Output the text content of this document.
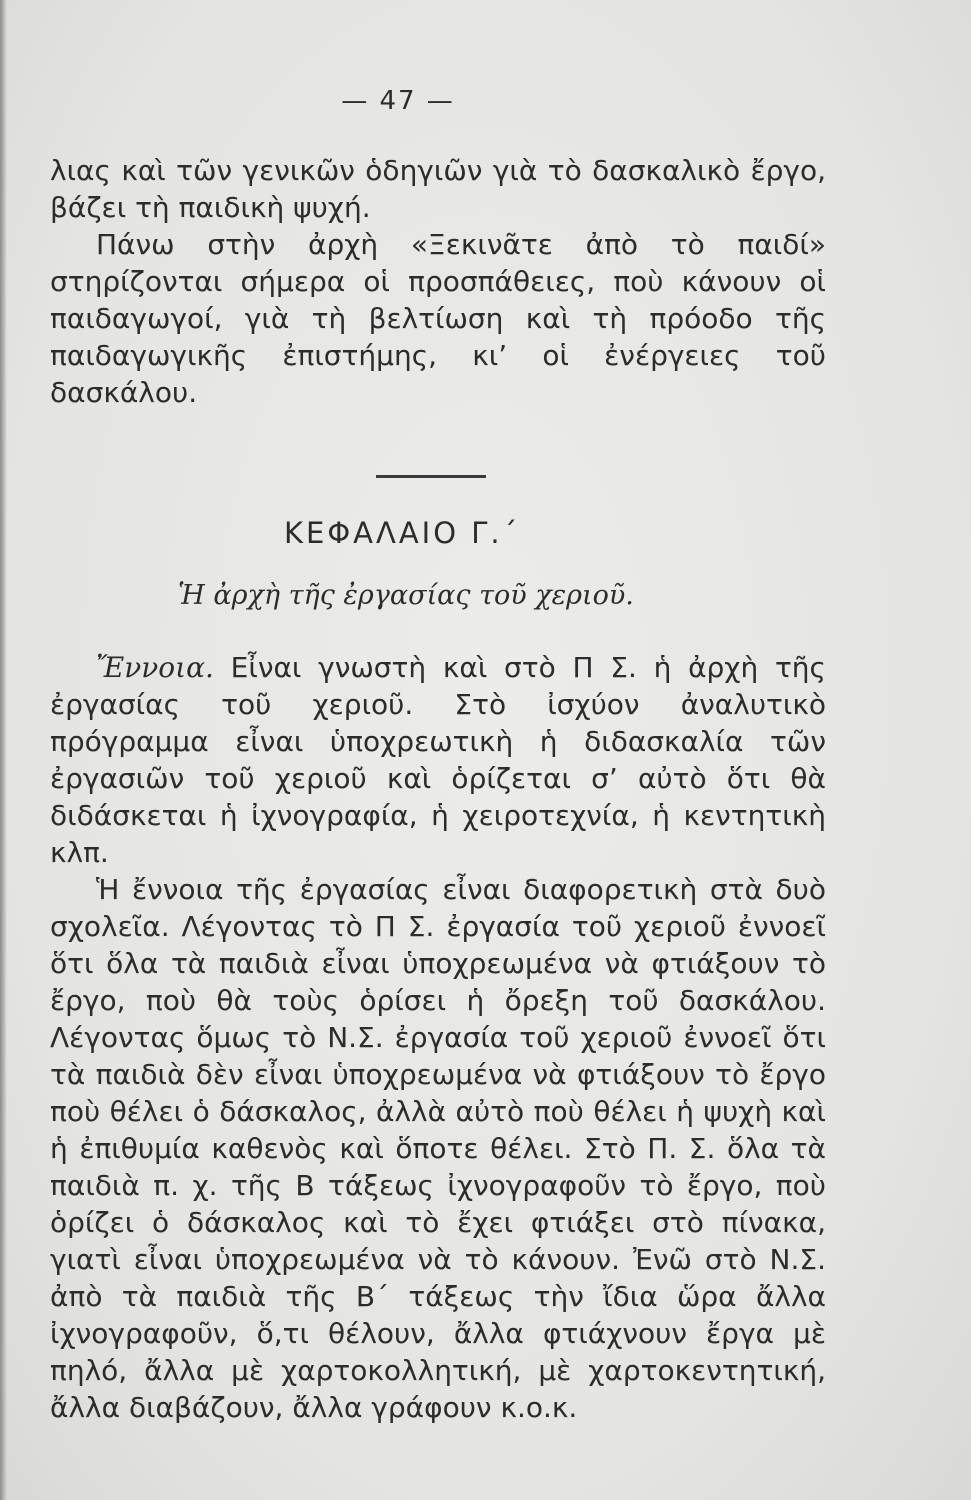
— 47 —

λιας καὶ τῶν γενικῶν ὁδηγιῶν γιὰ τὸ δασκαλικὸ ἔργο, βάζει τὴ παιδικὴ ψυχή.

Πάνω στὴν ἀρχὴ «Ξεκινᾶτε ἀπὸ τὸ παιδί» στηρίζονται σήμερα οἱ προσπάθειες, ποὺ κάνουν οἱ παιδαγωγοί, γιὰ τὴ βελτίωση καὶ τὴ πρόοδο τῆς παιδαγωγικῆς ἐπιστήμης, κι’ οἱ ἐνέργειες τοῦ δασκάλου.

ΚΕΦΑΛΑΙΟ Γ.΄
Ἡ ἀρχὴ τῆς ἐργασίας τοῦ χεριοῦ.

Ἔννοια. Εἶναι γνωστὴ καὶ στὸ Π Σ. ἡ ἀρχὴ τῆς ἐργασίας τοῦ χεριοῦ. Στὸ ἰσχύον ἀναλυτικὸ πρόγραμμα εἶναι ὑποχρεωτικὴ ἡ διδασκαλία τῶν ἐργασιῶν τοῦ χεριοῦ καὶ ὁρίζεται σ’ αὐτὸ ὅτι θὰ διδάσκεται ἡ ἰχνογραφία, ἡ χειροτεχνία, ἡ κεντητικὴ κλπ.

Ἡ ἔννοια τῆς ἐργασίας εἶναι διαφορετικὴ στὰ δυὸ σχολεῖα. Λέγοντας τὸ Π Σ. ἐργασία τοῦ χεριοῦ ἐννοεῖ ὅτι ὅλα τὰ παιδιὰ εἶναι ὑποχρεωμένα νὰ φτιάξουν τὸ ἔργο, ποὺ θὰ τοὺς ὁρίσει ἡ ὄρεξη τοῦ δασκάλου. Λέγοντας ὅμως τὸ Ν.Σ. ἐργασία τοῦ χεριοῦ ἐννοεῖ ὅτι τὰ παιδιὰ δὲν εἶναι ὑποχρεωμένα νὰ φτιάξουν τὸ ἔργο ποὺ θέλει ὁ δάσκαλος, ἀλλὰ αὐτὸ ποὺ θέλει ἡ ψυχὴ καὶ ἡ ἐπιθυμία καθενὸς καὶ ὅποτε θέλει. Στὸ Π. Σ. ὅλα τὰ παιδιὰ π. χ. τῆς Β τάξεως ἰχνογραφοῦν τὸ ἔργο, ποὺ ὁρίζει ὁ δάσκαλος καὶ τὸ ἔχει φτιάξει στὸ πίνακα, γιατὶ εἶναι ὑποχρεωμένα νὰ τὸ κάνουν. Ἐνῶ στὸ Ν.Σ. ἀπὸ τὰ παιδιὰ τῆς Β΄ τάξεως τὴν ἴδια ὥρα ἄλλα ἰχνογραφοῦν, ὅ,τι θέλουν, ἄλλα φτιάχνουν ἔργα μὲ πηλό, ἄλλα μὲ χαρτοκολλητική, μὲ χαρτοκεντητική, ἄλλα διαβάζουν, ἄλλα γράφουν κ.ο.κ.
